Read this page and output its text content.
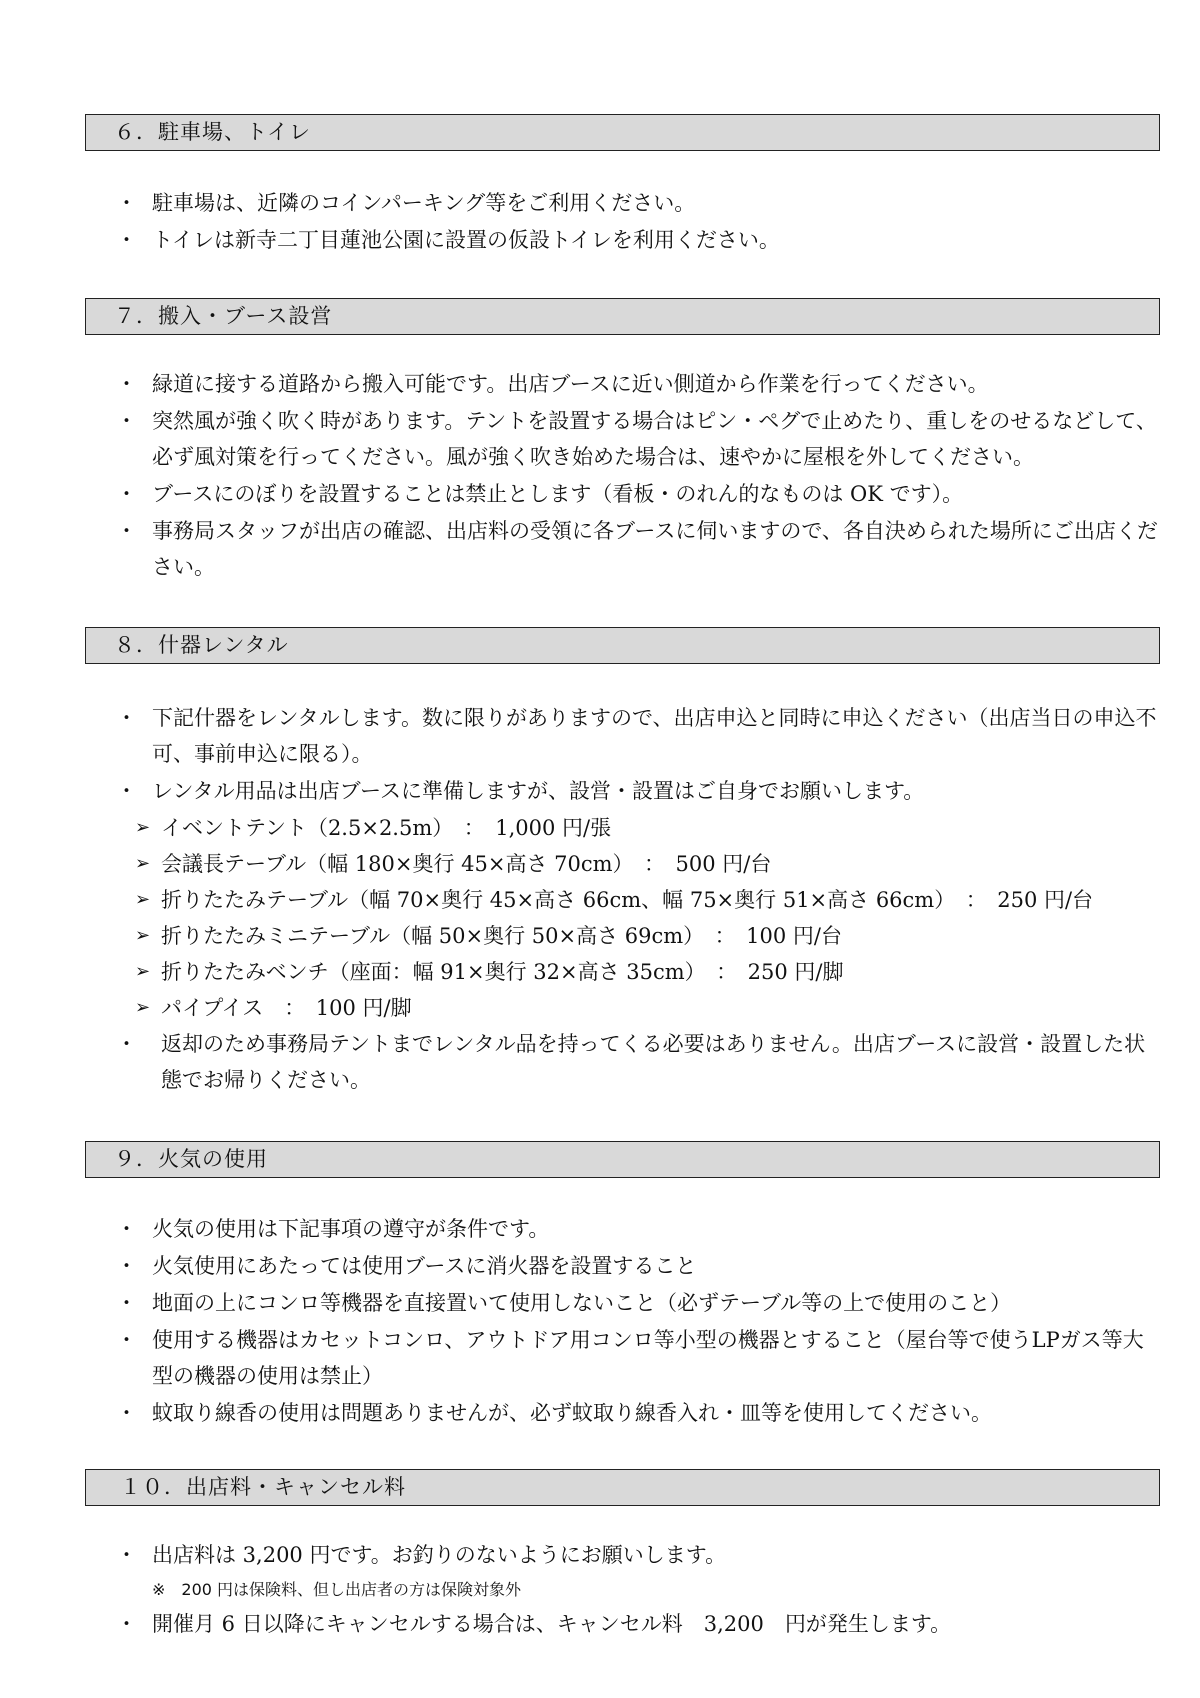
６．駐車場、トイレ
・ 駐車場は、近隣のコインパーキング等をご利用ください。
・ トイレは新寺二丁目蓮池公園に設置の仮設トイレを利用ください。
７．搬入・ブース設営
・ 緑道に接する道路から搬入可能です。出店ブースに近い側道から作業を行ってください。
・ 突然風が強く吹く時があります。テントを設置する場合はピン・ペグで止めたり、重しをのせるなどして、必ず風対策を行ってください。風が強く吹き始めた場合は、速やかに屋根を外してください。
・ ブースにのぼりを設置することは禁止とします（看板・のれん的なものは OK です）。
・ 事務局スタッフが出店の確認、出店料の受領に各ブースに伺いますので、各自決められた場所にご出店ください。
８．什器レンタル
・ 下記什器をレンタルします。数に限りがありますので、出店申込と同時に申込ください（出店当日の申込不可、事前申込に限る）。
・ レンタル用品は出店ブースに準備しますが、設営・設置はご自身でお願いします。
➢ イベントテント（2.5×2.5m）　：　1,000 円/張
➢ 会議長テーブル（幅 180×奥行 45×高さ 70cm）　：　500 円/台
➢ 折りたたみテーブル（幅 70×奥行 45×高さ 66cm、幅 75×奥行 51×高さ 66cm）　：　250 円/台
➢ 折りたたみミニテーブル（幅 50×奥行 50×高さ 69cm）　：　100 円/台
➢ 折りたたみベンチ（座面：幅 91×奥行 32×高さ 35cm）　：　250 円/脚
➢ パイプイス　：　100 円/脚
・ 返却のため事務局テントまでレンタル品を持ってくる必要はありません。出店ブースに設営・設置した状態でお帰りください。
９．火気の使用
・ 火気の使用は下記事項の遵守が条件です。
・ 火気使用にあたっては使用ブースに消火器を設置すること
・ 地面の上にコンロ等機器を直接置いて使用しないこと（必ずテーブル等の上で使用のこと）
・ 使用する機器はカセットコンロ、アウトドア用コンロ等小型の機器とすること（屋台等で使うLPガス等大型の機器の使用は禁止）
・ 蚊取り線香の使用は問題ありませんが、必ず蚊取り線香入れ・皿等を使用してください。
１０．出店料・キャンセル料
・ 出店料は 3,200 円です。お釣りのないようにお願いします。
※　200 円は保険料、但し出店者の方は保険対象外
・ 開催月 6 日以降にキャンセルする場合は、キャンセル料　3,200　円が発生します。
